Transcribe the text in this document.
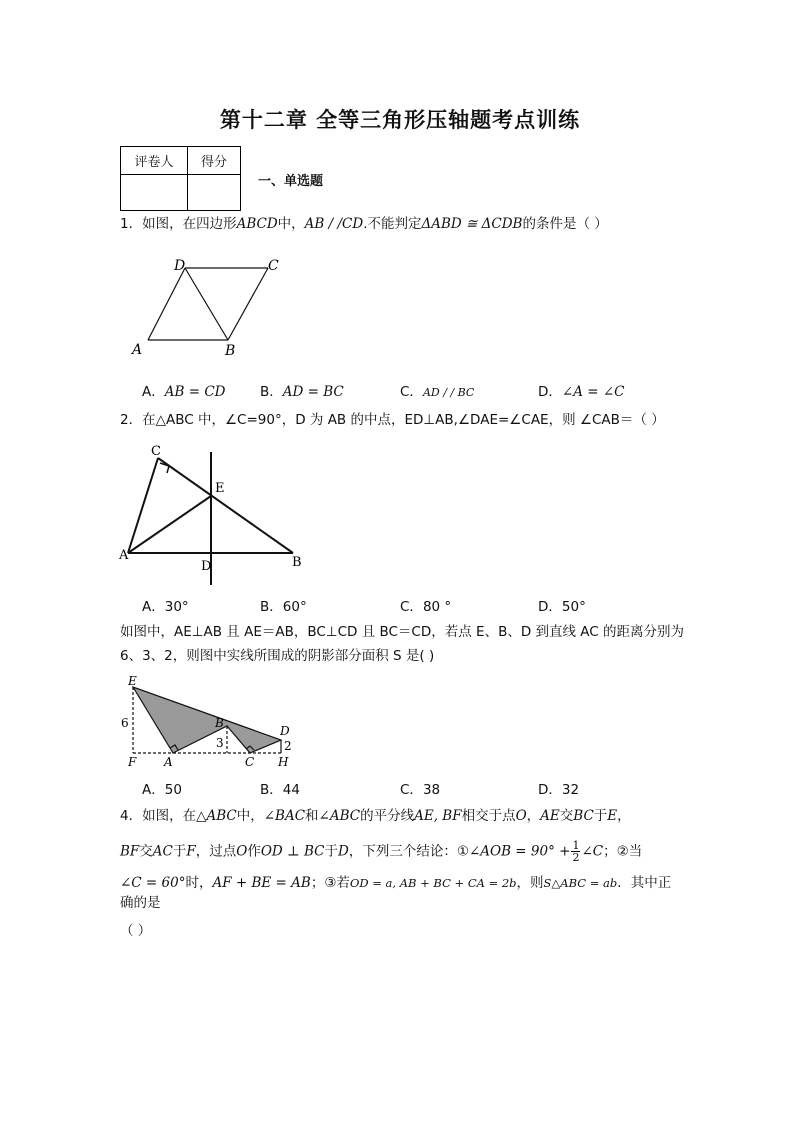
第十二章 全等三角形压轴题考点训练
评卷人	得分

一、单选题
1．如图，在四边形ABCD中，AB / /CD.不能判定ΔABD ≅ ΔCDB的条件是（ ）
A	B
C
D
A．AB = CD	B．AD = BC	C．AD / / BC	D．∠A = ∠C
2．在△ABC 中，∠C=90°，D 为 AB 的中点，ED⊥AB,∠DAE=∠CAE，则 ∠CAB＝（ ）
A	B
C
D
E
A．30°	B．60°	C．80 °	D．50°
如图中，AE⊥AB 且 AE＝AB，BC⊥CD 且 BC＝CD，若点 E、B、D 到直线 AC 的距离分别为
6、3、2，则图中实线所围成的阴影部分面积 S 是( )
E
B
D
F A	C H
6
3	2
A．50	B．44	C．38	D．32
4．如图，在△ABC中，∠BAC和∠ABC的平分线AE, BF相交于点O，AE交BC于E，
BF交AC于F，过点O作OD ⊥ BC于D，下列三个结论：①∠AOB = $90^\circ + \frac{1}{2}$ ∠C；②当
∠C = 60°时，AF + BE = AB；③若OD = a, AB + BC + CA = 2b，则S△ABC = ab．其中正确的是
（ ）
